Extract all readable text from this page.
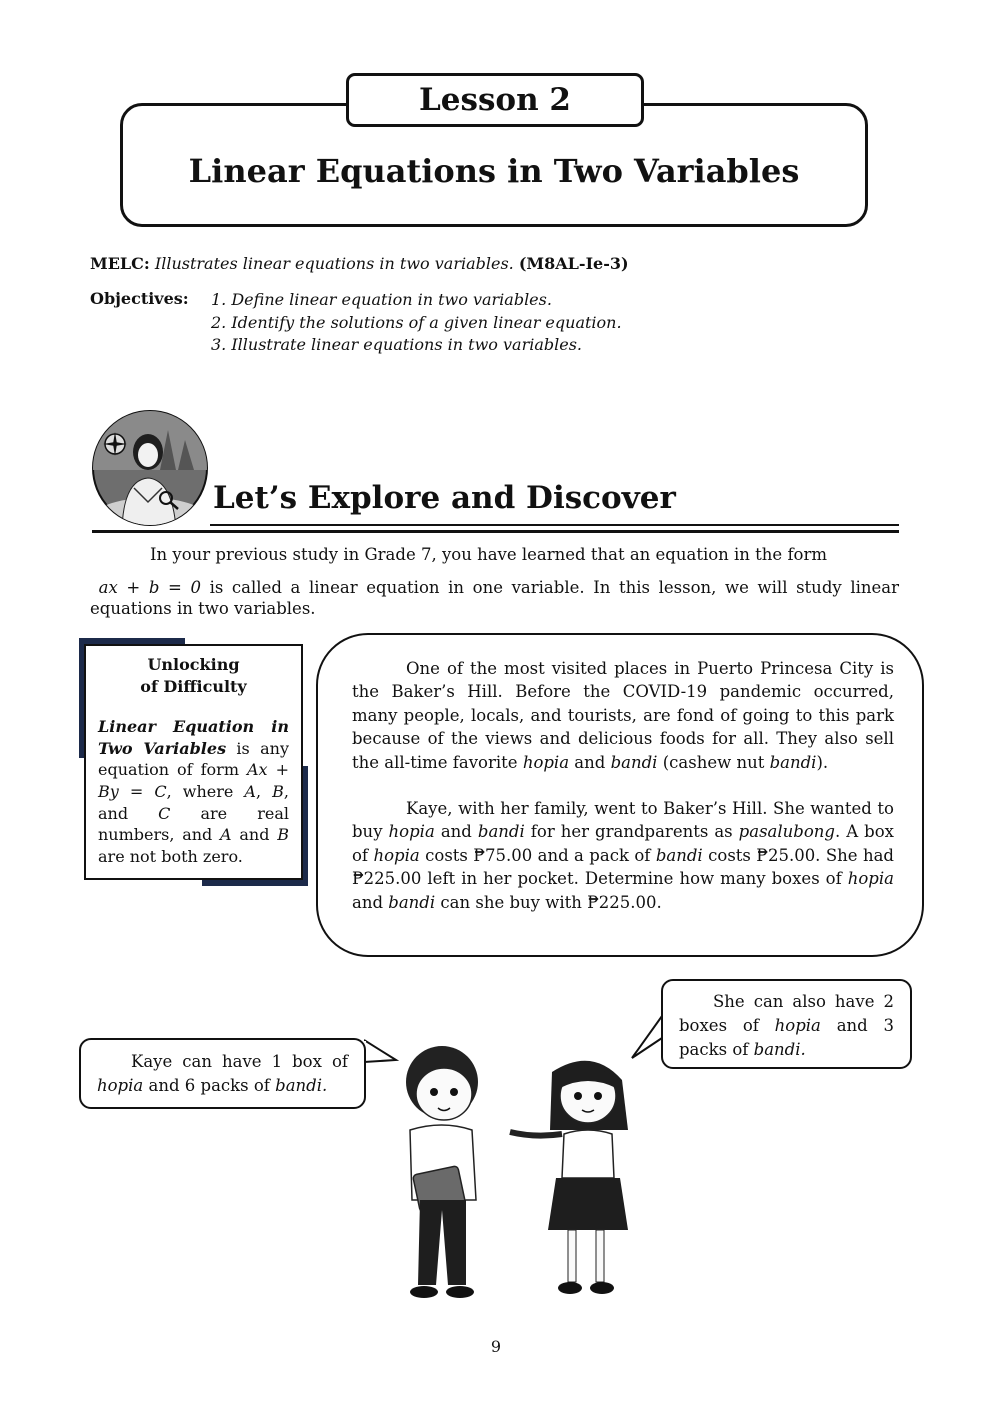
Lesson 2
Linear Equations in Two Variables
MELC: Illustrates linear equations in two variables. (M8AL-Ie-3)
Objectives: 1. Define linear equation in two variables.
2. Identify the solutions of a given linear equation.
3. Illustrate linear equations in two variables.
Let’s Explore and Discover
In your previous study in Grade 7, you have learned that an equation in the form
ax + b = 0 is called a linear equation in one variable. In this lesson, we will study linear equations in two variables.
Unlocking
of Difficulty
Linear Equation in Two Variables is any equation of form Ax + By = C, where A, B, and C are real numbers, and A and B are not both zero.

One of the most visited places in Puerto Princesa City is the Baker’s Hill. Before the COVID-19 pandemic occurred, many people, locals, and tourists, are fond of going to this park because of the views and delicious foods for all. They also sell the all-time favorite hopia and bandi (cashew nut bandi).

Kaye, with her family, went to Baker’s Hill. She wanted to buy hopia and bandi for her grandparents as pasalubong. A box of hopia costs ₱75.00 and a pack of bandi costs ₱25.00. She had ₱225.00 left in her pocket. Determine how many boxes of hopia and bandi can she buy with ₱225.00.

Kaye can have 1 box of hopia and 6 packs of bandi.
She can also have 2 boxes of hopia and 3 packs of bandi.
9
